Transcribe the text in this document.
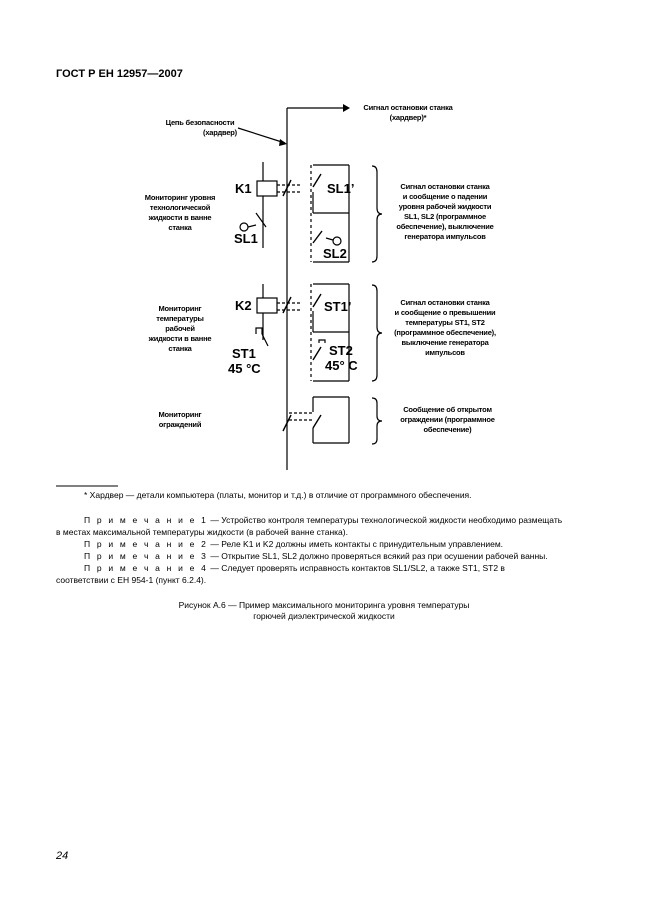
ГОСТ Р ЕН 12957—2007
Сигнал остановки станка
(хардвер)*
Цепь безопасности
(хардвер)
Мониторинг уровня
технологической
жидкости в ванне
станка
Мониторинг
температуры
рабочей
жидкости в ванне
станка
Мониторинг
ограждений
K1
K2
SL1
ST1
45 °C
SL1’
SL2
ST1’
ST2
45° C
Сигнал остановки станка
и сообщение о падении
уровня рабочей жидкости
SL1, SL2 (программное
обеспечение), выключение
генератора импульсов
Сигнал остановки станка
и сообщение о превышении
температуры ST1, ST2
(программное обеспечение),
выключение генератора
импульсов
Сообщение об открытом
ограждении (программное
обеспечение)
* Хардвер — детали компьютера (платы, монитор и т.д.) в отличие от программного обеспечения.
П р и м е ч а н и е 1 — Устройство контроля температуры технологической жидкости необходимо размещать
в местах максимальной температуры жидкости (в рабочей ванне станка).
П р и м е ч а н и е 2 — Реле K1 и K2 должны иметь контакты с принудительным управлением.
П р и м е ч а н и е 3 — Открытие SL1, SL2 должно проверяться всякий раз при осушении рабочей ванны.
П р и м е ч а н и е 4 — Следует проверять исправность контактов SL1/SL2, а также ST1, ST2 в
соответствии с ЕН 954-1 (пункт 6.2.4).
Рисунок А.6 — Пример максимального мониторинга уровня температуры
горючей диэлектрической жидкости
24
